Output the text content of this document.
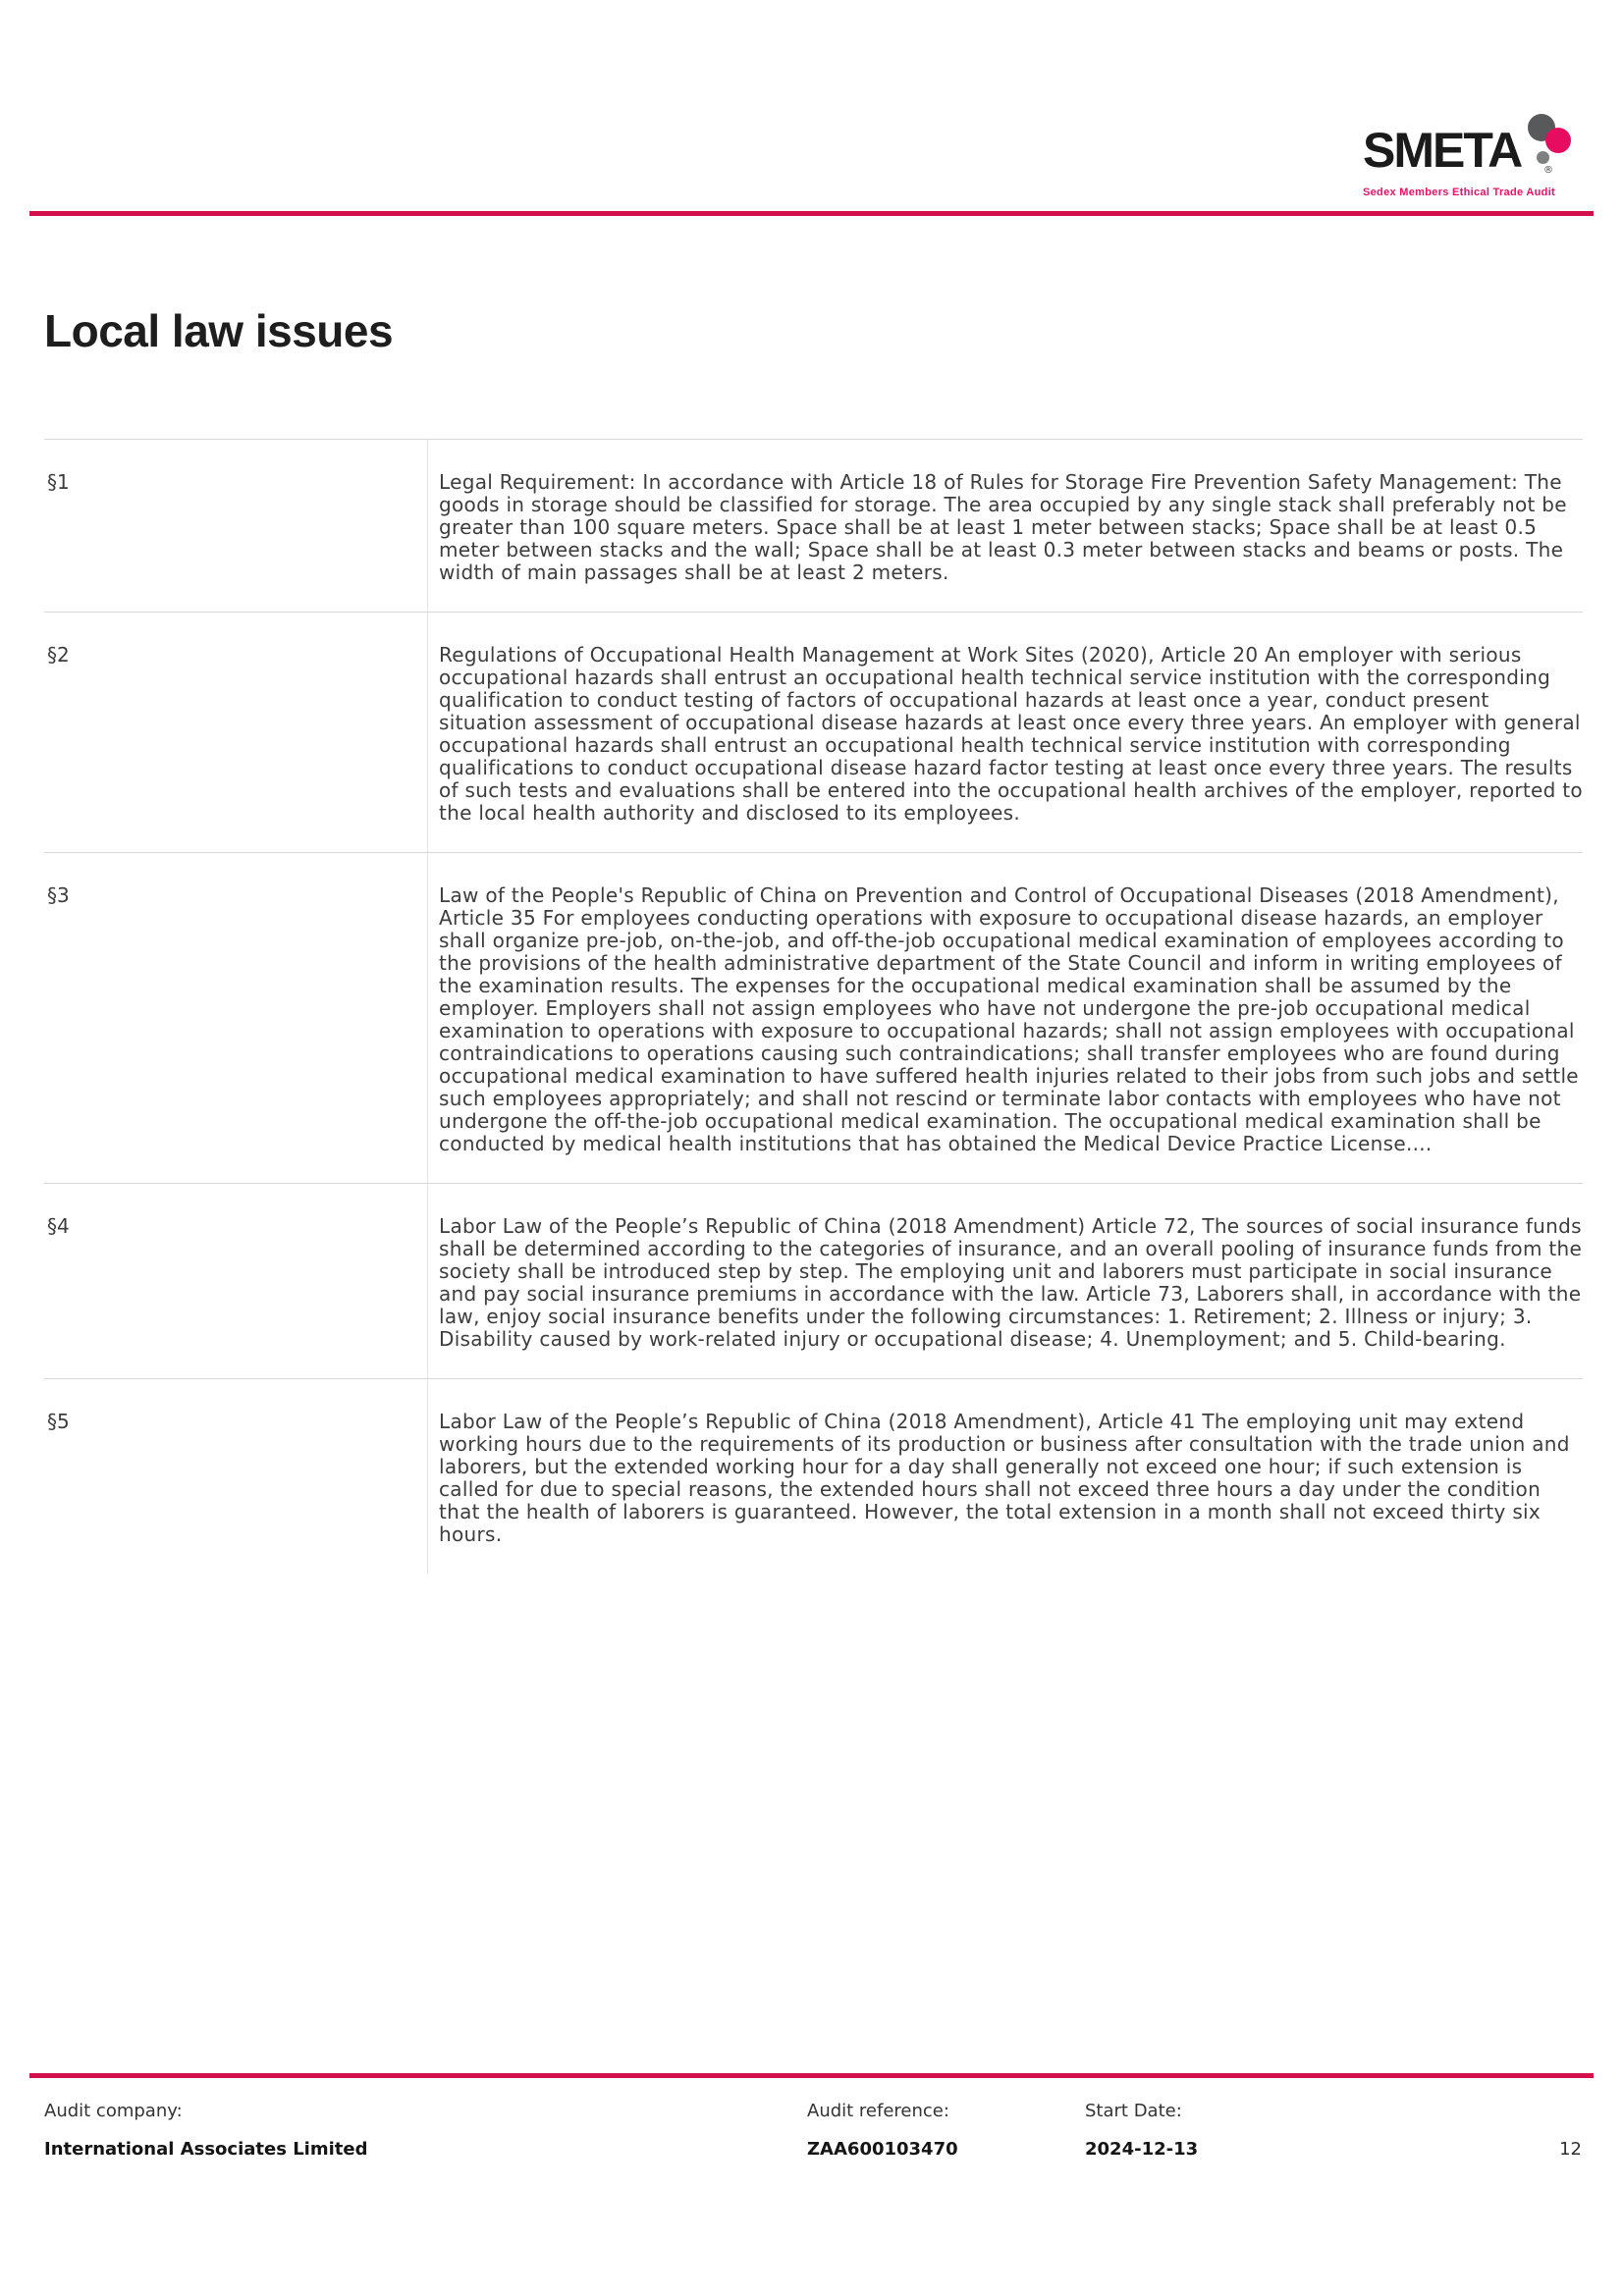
SMETA ®
Sedex Members Ethical Trade Audit
Local law issues
§1	Legal Requirement: In accordance with Article 18 of Rules for Storage Fire Prevention Safety Management: The goods in storage should be classified for storage. The area occupied by any single stack shall preferably not be greater than 100 square meters. Space shall be at least 1 meter between stacks; Space shall be at least 0.5 meter between stacks and the wall; Space shall be at least 0.3 meter between stacks and beams or posts. The width of main passages shall be at least 2 meters.
§2	Regulations of Occupational Health Management at Work Sites (2020), Article 20 An employer with serious occupational hazards shall entrust an occupational health technical service institution with the corresponding qualification to conduct testing of factors of occupational hazards at least once a year, conduct present situation assessment of occupational disease hazards at least once every three years. An employer with general occupational hazards shall entrust an occupational health technical service institution with corresponding qualifications to conduct occupational disease hazard factor testing at least once every three years. The results of such tests and evaluations shall be entered into the occupational health archives of the employer, reported to the local health authority and disclosed to its employees.
§3	Law of the People's Republic of China on Prevention and Control of Occupational Diseases (2018 Amendment), Article 35 For employees conducting operations with exposure to occupational disease hazards, an employer shall organize pre-job, on-the-job, and off-the-job occupational medical examination of employees according to the provisions of the health administrative department of the State Council and inform in writing employees of the examination results. The expenses for the occupational medical examination shall be assumed by the employer. Employers shall not assign employees who have not undergone the pre-job occupational medical examination to operations with exposure to occupational hazards; shall not assign employees with occupational contraindications to operations causing such contraindications; shall transfer employees who are found during occupational medical examination to have suffered health injuries related to their jobs from such jobs and settle such employees appropriately; and shall not rescind or terminate labor contacts with employees who have not undergone the off-the-job occupational medical examination. The occupational medical examination shall be conducted by medical health institutions that has obtained the Medical Device Practice License....
§4	Labor Law of the People’s Republic of China (2018 Amendment) Article 72, The sources of social insurance funds shall be determined according to the categories of insurance, and an overall pooling of insurance funds from the society shall be introduced step by step. The employing unit and laborers must participate in social insurance and pay social insurance premiums in accordance with the law. Article 73, Laborers shall, in accordance with the law, enjoy social insurance benefits under the following circumstances: 1. Retirement; 2. Illness or injury; 3. Disability caused by work-related injury or occupational disease; 4. Unemployment; and 5. Child-bearing.
§5	Labor Law of the People’s Republic of China (2018 Amendment), Article 41 The employing unit may extend working hours due to the requirements of its production or business after consultation with the trade union and laborers, but the extended working hour for a day shall generally not exceed one hour; if such extension is called for due to special reasons, the extended hours shall not exceed three hours a day under the condition that the health of laborers is guaranteed. However, the total extension in a month shall not exceed thirty six hours.
Audit company:
International Associates Limited
Audit reference:
ZAA600103470
Start Date:
2024-12-13	12
